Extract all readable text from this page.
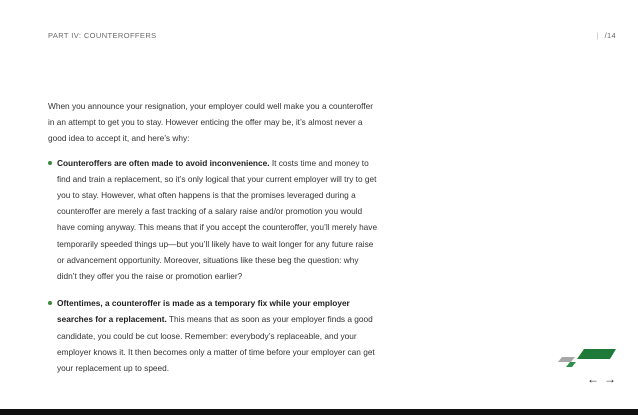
PART IV: COUNTEROFFERS	| /14

When you announce your resignation, your employer could well make you a counteroffer in an attempt to get you to stay. However enticing the offer may be, it’s almost never a good idea to accept it, and here’s why:

Counteroffers are often made to avoid inconvenience. It costs time and money to find and train a replacement, so it’s only logical that your current employer will try to get you to stay. However, what often happens is that the promises leveraged during a counteroffer are merely a fast tracking of a salary raise and/or promotion you would have coming anyway. This means that if you accept the counteroffer, you’ll merely have temporarily speeded things up—but you’ll likely have to wait longer for any future raise or advancement opportunity. Moreover, situations like these beg the question: why didn’t they offer you the raise or promotion earlier?
Oftentimes, a counteroffer is made as a temporary fix while your employer searches for a replacement. This means that as soon as your employer finds a good candidate, you could be cut loose. Remember: everybody’s replaceable, and your employer knows it. It then becomes only a matter of time before your employer can get your replacement up to speed.
← →
